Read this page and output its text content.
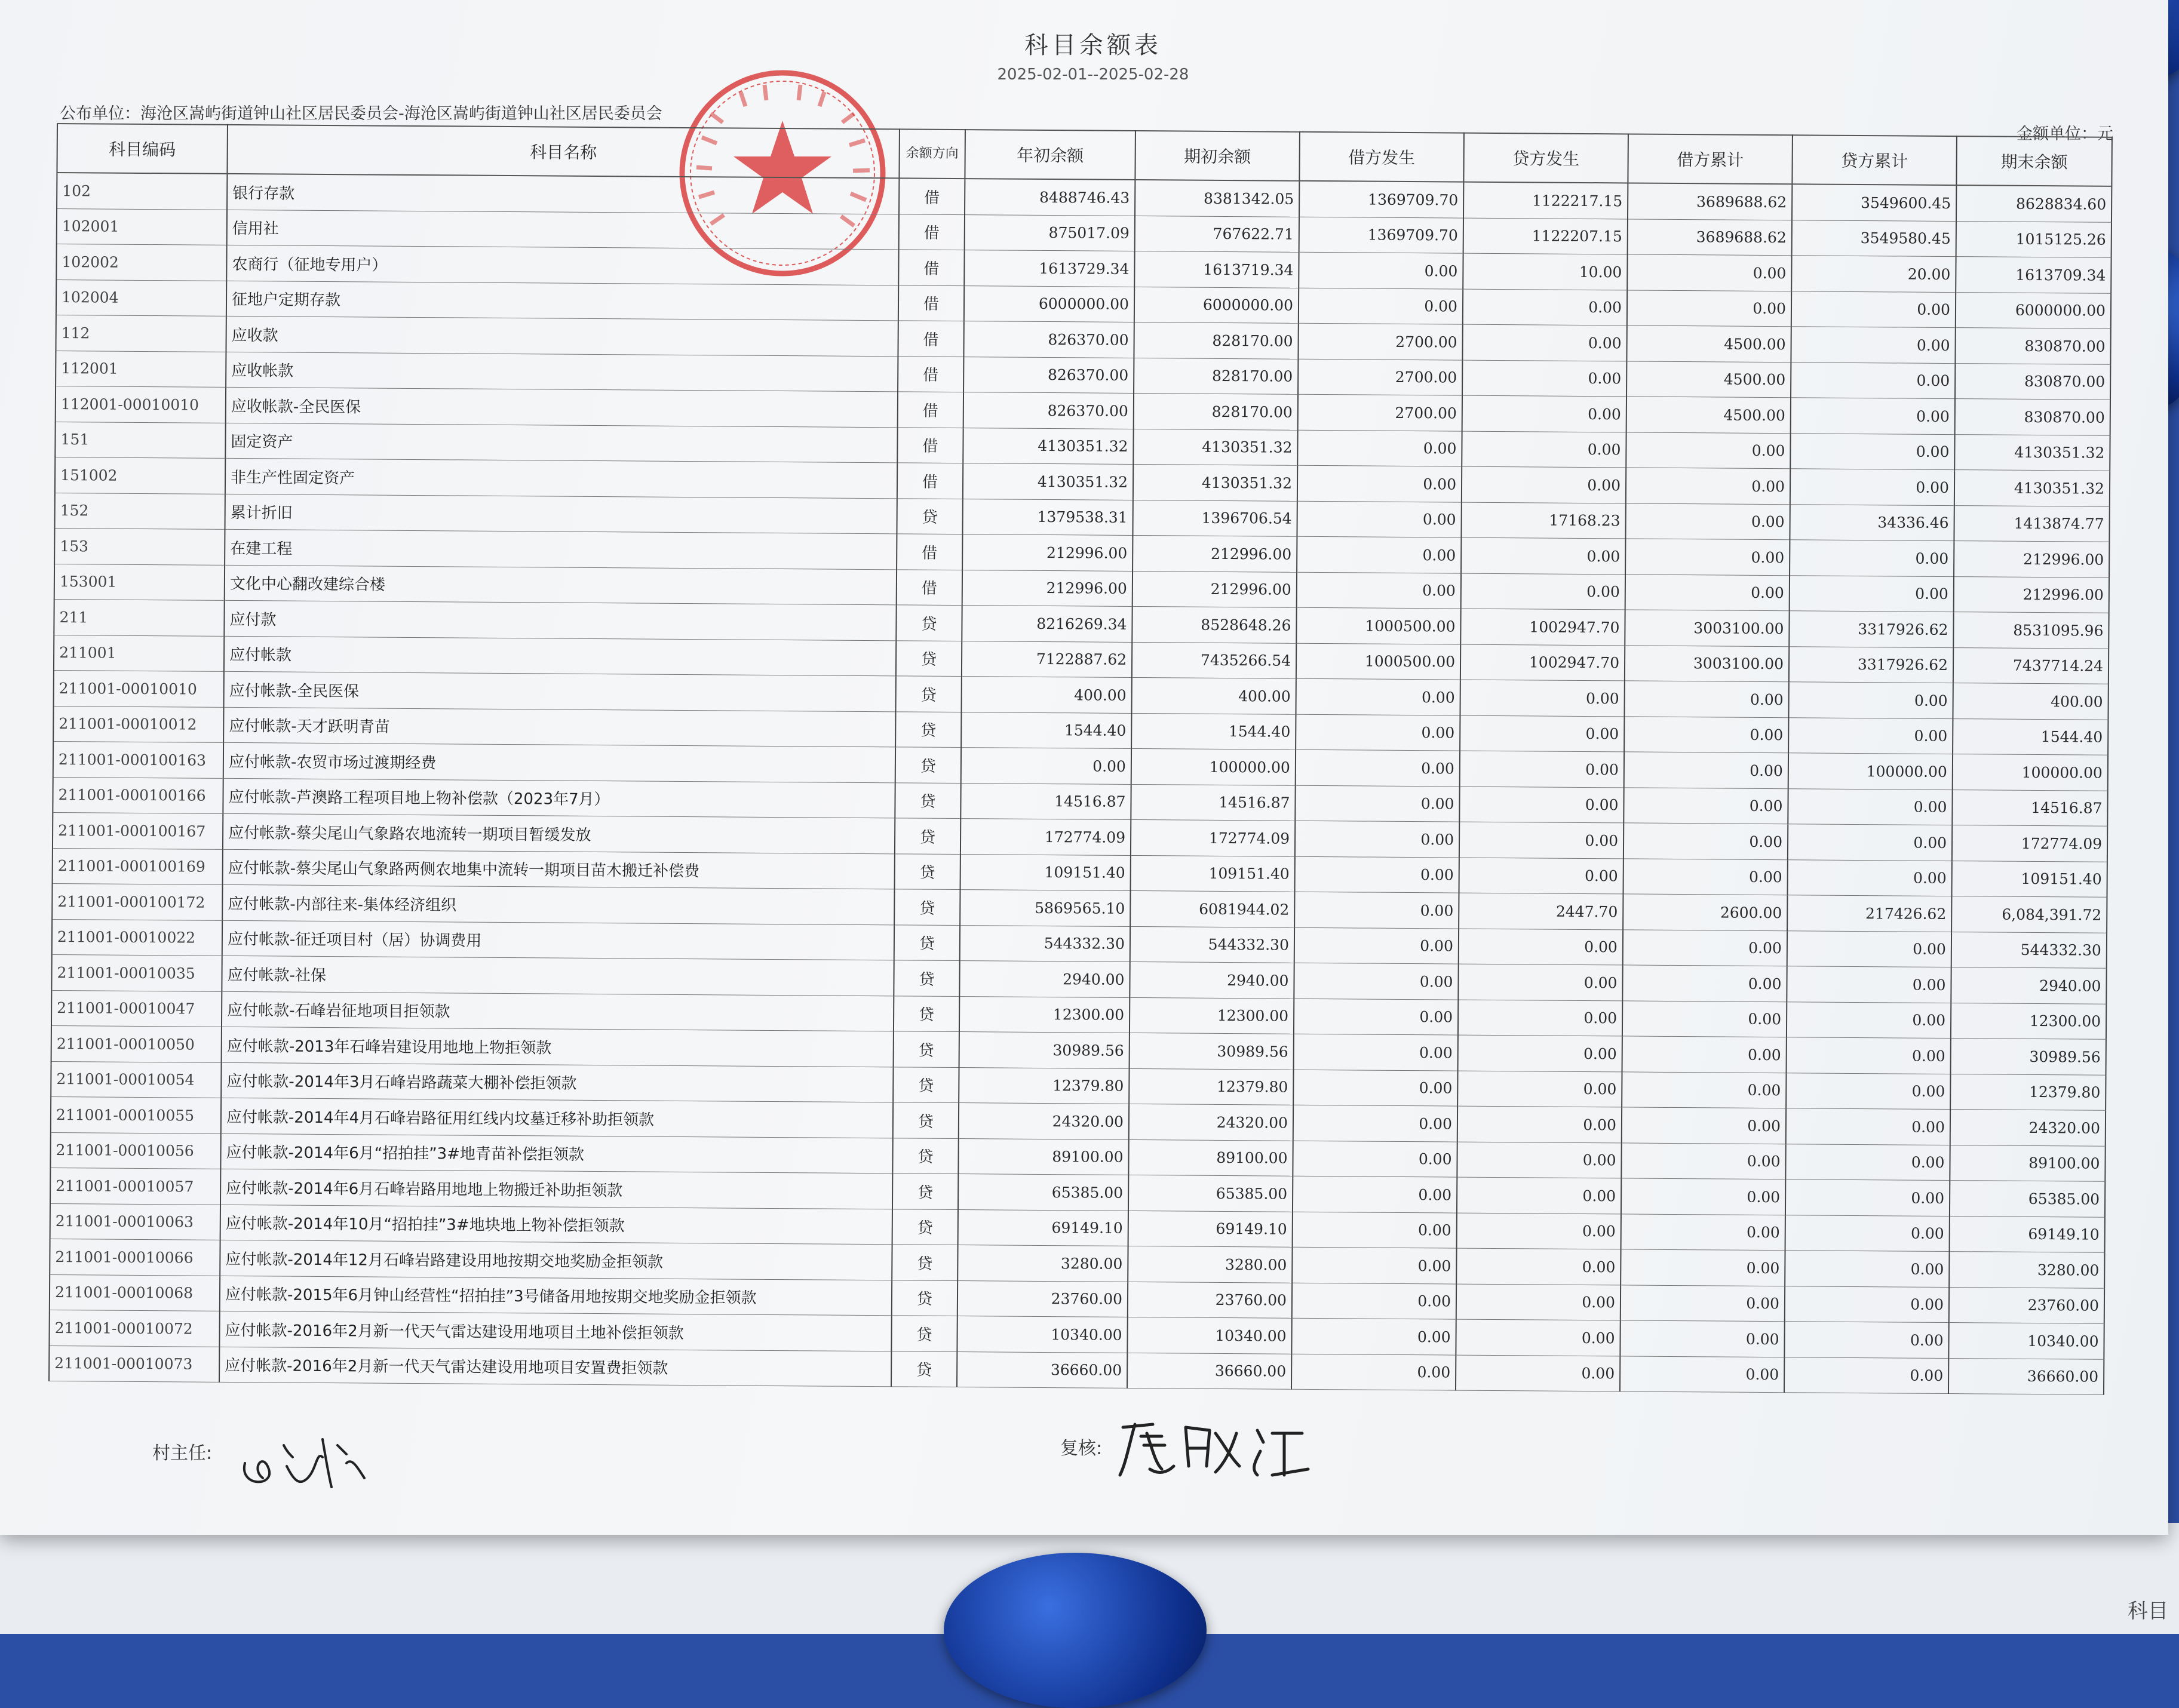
科目
科目余额表
2025-02-01--2025-02-28
公布单位：海沧区嵩屿街道钟山社区居民委员会-海沧区嵩屿街道钟山社区居民委员会
金额单位：元
科目编码	科目名称	余额方向	年初余额	期初余额	借方发生	贷方发生	借方累计	贷方累计	期末余额
102	银行存款	借	8488746.43	8381342.05	1369709.70	1122217.15	3689688.62	3549600.45	8628834.60
102001	信用社	借	875017.09	767622.71	1369709.70	1122207.15	3689688.62	3549580.45	1015125.26
102002	农商行（征地专用户）	借	1613729.34	1613719.34	0.00	10.00	0.00	20.00	1613709.34
102004	征地户定期存款	借	6000000.00	6000000.00	0.00	0.00	0.00	0.00	6000000.00
112	应收款	借	826370.00	828170.00	2700.00	0.00	4500.00	0.00	830870.00
112001	应收帐款	借	826370.00	828170.00	2700.00	0.00	4500.00	0.00	830870.00
112001-00010010	应收帐款-全民医保	借	826370.00	828170.00	2700.00	0.00	4500.00	0.00	830870.00
151	固定资产	借	4130351.32	4130351.32	0.00	0.00	0.00	0.00	4130351.32
151002	非生产性固定资产	借	4130351.32	4130351.32	0.00	0.00	0.00	0.00	4130351.32
152	累计折旧	贷	1379538.31	1396706.54	0.00	17168.23	0.00	34336.46	1413874.77
153	在建工程	借	212996.00	212996.00	0.00	0.00	0.00	0.00	212996.00
153001	文化中心翻改建综合楼	借	212996.00	212996.00	0.00	0.00	0.00	0.00	212996.00
211	应付款	贷	8216269.34	8528648.26	1000500.00	1002947.70	3003100.00	3317926.62	8531095.96
211001	应付帐款	贷	7122887.62	7435266.54	1000500.00	1002947.70	3003100.00	3317926.62	7437714.24
211001-00010010	应付帐款-全民医保	贷	400.00	400.00	0.00	0.00	0.00	0.00	400.00
211001-00010012	应付帐款-天才跃明青苗	贷	1544.40	1544.40	0.00	0.00	0.00	0.00	1544.40
211001-000100163	应付帐款-农贸市场过渡期经费	贷	0.00	100000.00	0.00	0.00	0.00	100000.00	100000.00
211001-000100166	应付帐款-芦澳路工程项目地上物补偿款（2023年7月）	贷	14516.87	14516.87	0.00	0.00	0.00	0.00	14516.87
211001-000100167	应付帐款-蔡尖尾山气象路农地流转一期项目暂缓发放	贷	172774.09	172774.09	0.00	0.00	0.00	0.00	172774.09
211001-000100169	应付帐款-蔡尖尾山气象路两侧农地集中流转一期项目苗木搬迁补偿费	贷	109151.40	109151.40	0.00	0.00	0.00	0.00	109151.40
211001-000100172	应付帐款-内部往来-集体经济组织	贷	5869565.10	6081944.02	0.00	2447.70	2600.00	217426.62	6,084,391.72
211001-00010022	应付帐款-征迁项目村（居）协调费用	贷	544332.30	544332.30	0.00	0.00	0.00	0.00	544332.30
211001-00010035	应付帐款-社保	贷	2940.00	2940.00	0.00	0.00	0.00	0.00	2940.00
211001-00010047	应付帐款-石峰岩征地项目拒领款	贷	12300.00	12300.00	0.00	0.00	0.00	0.00	12300.00
211001-00010050	应付帐款-2013年石峰岩建设用地地上物拒领款	贷	30989.56	30989.56	0.00	0.00	0.00	0.00	30989.56
211001-00010054	应付帐款-2014年3月石峰岩路蔬菜大棚补偿拒领款	贷	12379.80	12379.80	0.00	0.00	0.00	0.00	12379.80
211001-00010055	应付帐款-2014年4月石峰岩路征用红线内坟墓迁移补助拒领款	贷	24320.00	24320.00	0.00	0.00	0.00	0.00	24320.00
211001-00010056	应付帐款-2014年6月“招拍挂”3#地青苗补偿拒领款	贷	89100.00	89100.00	0.00	0.00	0.00	0.00	89100.00
211001-00010057	应付帐款-2014年6月石峰岩路用地地上物搬迁补助拒领款	贷	65385.00	65385.00	0.00	0.00	0.00	0.00	65385.00
211001-00010063	应付帐款-2014年10月“招拍挂”3#地块地上物补偿拒领款	贷	69149.10	69149.10	0.00	0.00	0.00	0.00	69149.10
211001-00010066	应付帐款-2014年12月石峰岩路建设用地按期交地奖励金拒领款	贷	3280.00	3280.00	0.00	0.00	0.00	0.00	3280.00
211001-00010068	应付帐款-2015年6月钟山经营性“招拍挂”3号储备用地按期交地奖励金拒领款	贷	23760.00	23760.00	0.00	0.00	0.00	0.00	23760.00
211001-00010072	应付帐款-2016年2月新一代天气雷达建设用地项目土地补偿拒领款	贷	10340.00	10340.00	0.00	0.00	0.00	0.00	10340.00
211001-00010073	应付帐款-2016年2月新一代天气雷达建设用地项目安置费拒领款	贷	36660.00	36660.00	0.00	0.00	0.00	0.00	36660.00
村主任:	复核:
